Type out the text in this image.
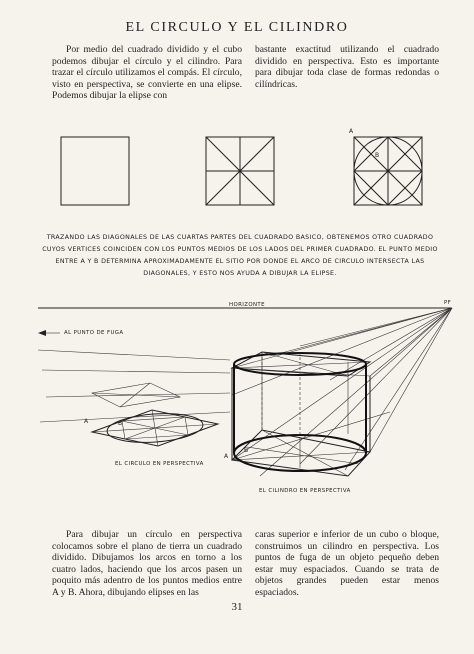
EL CIRCULO Y EL CILINDRO

Por medio del cuadrado dividido y el cubo podemos dibujar el círculo y el cilindro. Para trazar el círculo utilizamos el compás. El círculo, visto en perspectiva, se convierte en una elipse. Podemos dibujar la elipse con

bastante exactitud utilizando el cuadrado dividido en perspectiva. Esto es importante para dibujar toda clase de formas redondas o cilíndricas.

A
B
TRAZANDO LAS DIAGONALES DE LAS CUARTAS PARTES DEL CUADRADO BASICO, OBTENEMOS OTRO CUADRADO CUYOS VERTICES COINCIDEN CON LOS PUNTOS MEDIOS DE LOS LADOS DEL PRIMER CUADRADO. EL PUNTO MEDIO ENTRE A Y B DETERMINA APROXIMADAMENTE EL SITIO POR DONDE EL ARCO DE CIRCULO INTERSECTA LAS DIAGONALES, Y ESTO NOS AYUDA A DIBUJAR LA ELIPSE.
HORIZONTE	PF
AL PUNTO DE FUGA
A	B
A
B
EL CIRCULO EN PERSPECTIVA
EL CILINDRO EN PERSPECTIVA

Para dibujar un círculo en perspectiva colocamos sobre el plano de tierra un cuadrado dividido. Dibujamos los arcos en torno a los cuatro lados, haciendo que los arcos pasen un poquito más adentro de los puntos medios entre A y B. Ahora, dibujando elipses en las

caras superior e inferior de un cubo o bloque, construimos un cilindro en perspectiva. Los puntos de fuga de un objeto pequeño deben estar muy espaciados. Cuando se trata de objetos grandes pueden estar menos espaciados.

31
